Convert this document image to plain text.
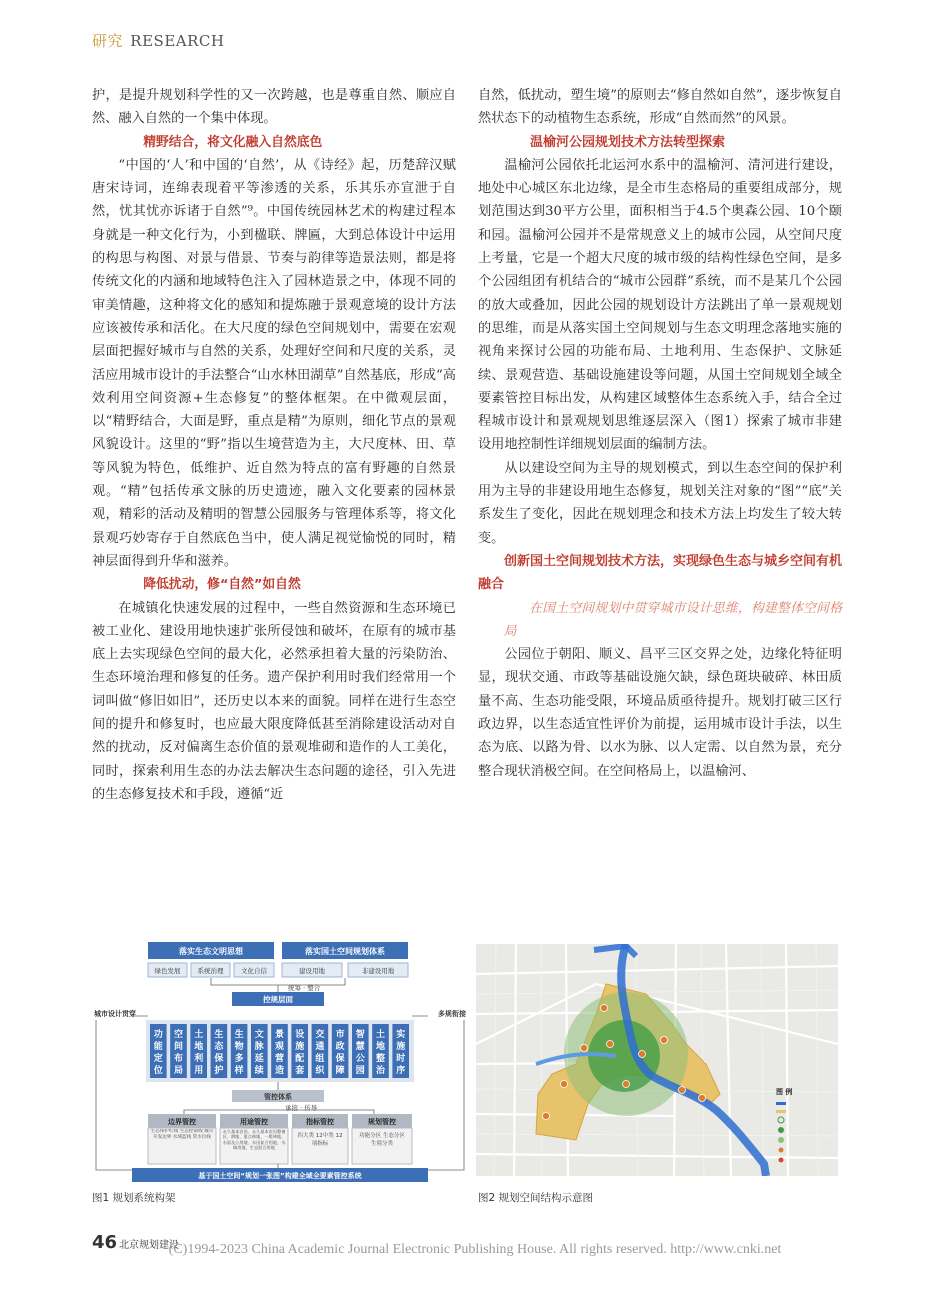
研究 RESEARCH

护，是提升规划科学性的又一次跨越，也是尊重自然、顺应自然、融入自然的一个集中体现。

精野结合，将文化融入自然底色

“中国的‘人’和中国的‘自然’，从《诗经》起，历楚辞汉赋唐宋诗词，连绵表现着平等渗透的关系，乐其乐亦宣泄于自然，忧其忧亦诉诸于自然”⁹。中国传统园林艺术的构建过程本身就是一种文化行为，小到楹联、牌匾，大到总体设计中运用的构思与构图、对景与借景、节奏与韵律等造景法则，都是将传统文化的内涵和地域特色注入了园林造景之中，体现不同的审美情趣，这种将文化的感知和提炼融于景观意境的设计方法应该被传承和活化。在大尺度的绿色空间规划中，需要在宏观层面把握好城市与自然的关系，处理好空间和尺度的关系，灵活应用城市设计的手法整合“山水林田湖草”自然基底，形成“高效利用空间资源+生态修复”的整体框架。在中微观层面，以“精野结合，大面是野，重点是精”为原则，细化节点的景观风貌设计。这里的“野”指以生境营造为主，大尺度林、田、草等风貌为特色，低维护、近自然为特点的富有野趣的自然景观。“精”包括传承文脉的历史遗迹，融入文化要素的园林景观，精彩的活动及精明的智慧公园服务与管理体系等，将文化景观巧妙寄存于自然底色当中，使人满足视觉愉悦的同时，精神层面得到升华和滋养。

降低扰动，修“自然”如自然

在城镇化快速发展的过程中，一些自然资源和生态环境已被工业化、建设用地快速扩张所侵蚀和破坏，在原有的城市基底上去实现绿色空间的最大化，必然承担着大量的污染防治、生态环境治理和修复的任务。遗产保护利用时我们经常用一个词叫做“修旧如旧”，还历史以本来的面貌。同样在进行生态空间的提升和修复时，也应最大限度降低甚至消除建设活动对自然的扰动，反对偏离生态价值的景观堆砌和造作的人工美化，同时，探索利用生态的办法去解决生态问题的途径，引入先进的生态修复技术和手段，遵循“近

自然，低扰动，塑生境”的原则去“修自然如自然”，逐步恢复自然状态下的动植物生态系统，形成“自然而然”的风景。

温榆河公园规划技术方法转型探索

温榆河公园依托北运河水系中的温榆河、清河进行建设，地处中心城区东北边缘，是全市生态格局的重要组成部分，规划范围达到30平方公里，面积相当于4.5个奥森公园、10个颐和园。温榆河公园并不是常规意义上的城市公园，从空间尺度上考量，它是一个超大尺度的城市级的结构性绿色空间，是多个公园组团有机结合的“城市公园群”系统，而不是某几个公园的放大或叠加，因此公园的规划设计方法跳出了单一景观规划的思维，而是从落实国土空间规划与生态文明理念落地实施的视角来探讨公园的功能布局、土地利用、生态保护、文脉延续、景观营造、基础设施建设等问题，从国土空间规划全域全要素管控目标出发，从构建区域整体生态系统入手，结合全过程城市设计和景观规划思维逐层深入（图1）探索了城市非建设用地控制性详细规划层面的编制方法。

从以建设空间为主导的规划模式，到以生态空间的保护利用为主导的非建设用地生态修复，规划关注对象的“图”“底”关系发生了变化，因此在规划理念和技术方法上均发生了较大转变。

创新国土空间规划技术方法，实现绿色生态与城乡空间有机融合

在国土空间规划中贯穿城市设计思维，构建整体空间格局

公园位于朝阳、顺义、昌平三区交界之处，边缘化特征明显，现状交通、市政等基础设施欠缺，绿色斑块破碎、林田质量不高、生态功能受限，环境品质亟待提升。规划打破三区行政边界，以生态适宜性评价为前提，运用城市设计手法，以生态为底、以路为骨、以水为脉、以人定需、以自然为景，充分整合现状消极空间。在空间格局上，以温榆河、

落实生态文明思想	落实国土空间规划体系
绿色发展	系统治理	文化自信	建设用地	非建设用地
统筹 · 整合
控规层面
城市设计贯穿	多规衔接
功
能
定
位
空
间
布
局
土
地
利
用
生
态
保
护
生
物
多
样
文
脉
延
续
景
观
营
造
设
施
配
套
交
通
组
织
市
政
保
障
智
慧
公
园
土
地
整
治
实
施
时
序
管控体系
承接 · 传导
边界管控
生态保护红线 生态控制线 城市开发边界 水域蓝线 常水位线
用途管控
永久基本农田、永久基本农田整备区、耕地、重点林地、一般林地、水面及公用地、水田复合用地、水域用地、生态混合用地
指标管控
四大类 12中类 12项指标
规划管控
功能分区 生态分区 生境分类
基于国土空间“规划一张图”构建全域全要素管控系统
图 例
图1 规划系统构架	图2 规划空间结构示意图
46 北京规划建设
(C)1994-2023 China Academic Journal Electronic Publishing House. All rights reserved. http://www.cnki.net
